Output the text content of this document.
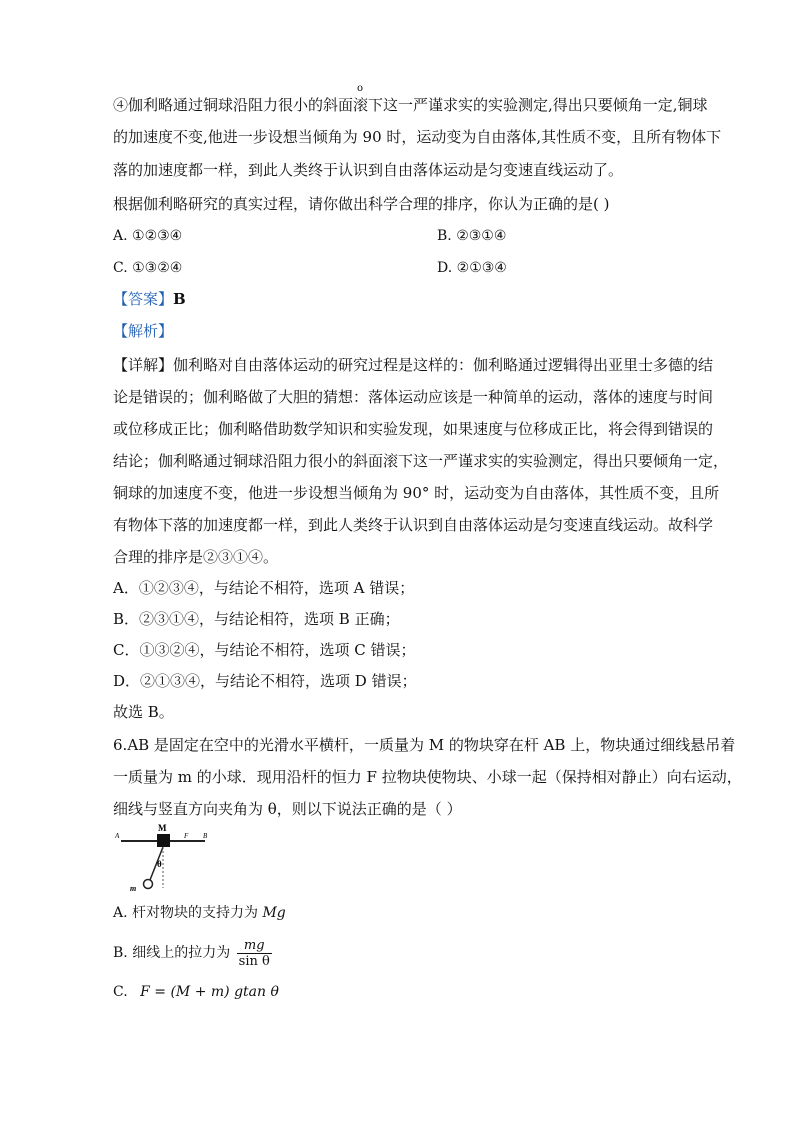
o
④伽利略通过铜球沿阻力很小的斜面滚下这一严谨求实的实验测定,得出只要倾角一定,铜球
的加速度不变,他进一步设想当倾角为 90 时，运动变为自由落体,其性质不变，且所有物体下
落的加速度都一样，到此人类终于认识到自由落体运动是匀变速直线运动了。
根据伽利略研究的真实过程，请你做出科学合理的排序，你认为正确的是( )
A. ①②③④	B. ②③①④
C. ①③②④	D. ②①③④
【答案】B
【解析】
【详解】伽利略对自由落体运动的研究过程是这样的：伽利略通过逻辑得出亚里士多德的结
论是错误的；伽利略做了大胆的猜想：落体运动应该是一种简单的运动，落体的速度与时间
或位移成正比；伽利略借助数学知识和实验发现，如果速度与位移成正比，将会得到错误的
结论；伽利略通过铜球沿阻力很小的斜面滚下这一严谨求实的实验测定，得出只要倾角一定，
铜球的加速度不变，他进一步设想当倾角为 90° 时，运动变为自由落体，其性质不变，且所
有物体下落的加速度都一样，到此人类终于认识到自由落体运动是匀变速直线运动。故科学
合理的排序是②③①④。
A．①②③④，与结论不相符，选项 A 错误；
B．②③①④，与结论相符，选项 B 正确；
C．①③②④，与结论不相符，选项 C 错误；
D．②①③④，与结论不相符，选项 D 错误；
故选 B。
6.AB 是固定在空中的光滑水平横杆，一质量为 M 的物块穿在杆 AB 上，物块通过细线悬吊着
一质量为 m 的小球．现用沿杆的恒力 F 拉物块使物块、小球一起（保持相对静止）向右运动，
细线与竖直方向夹角为 θ，则以下说法正确的是（ ）
A	B
M
F
θ
m
A. 杆对物块的支持力为 Mg
B. 细线上的拉力为 $\frac{mg}{\text{sin θ}}$
C. F = (M + m) gtan θ
